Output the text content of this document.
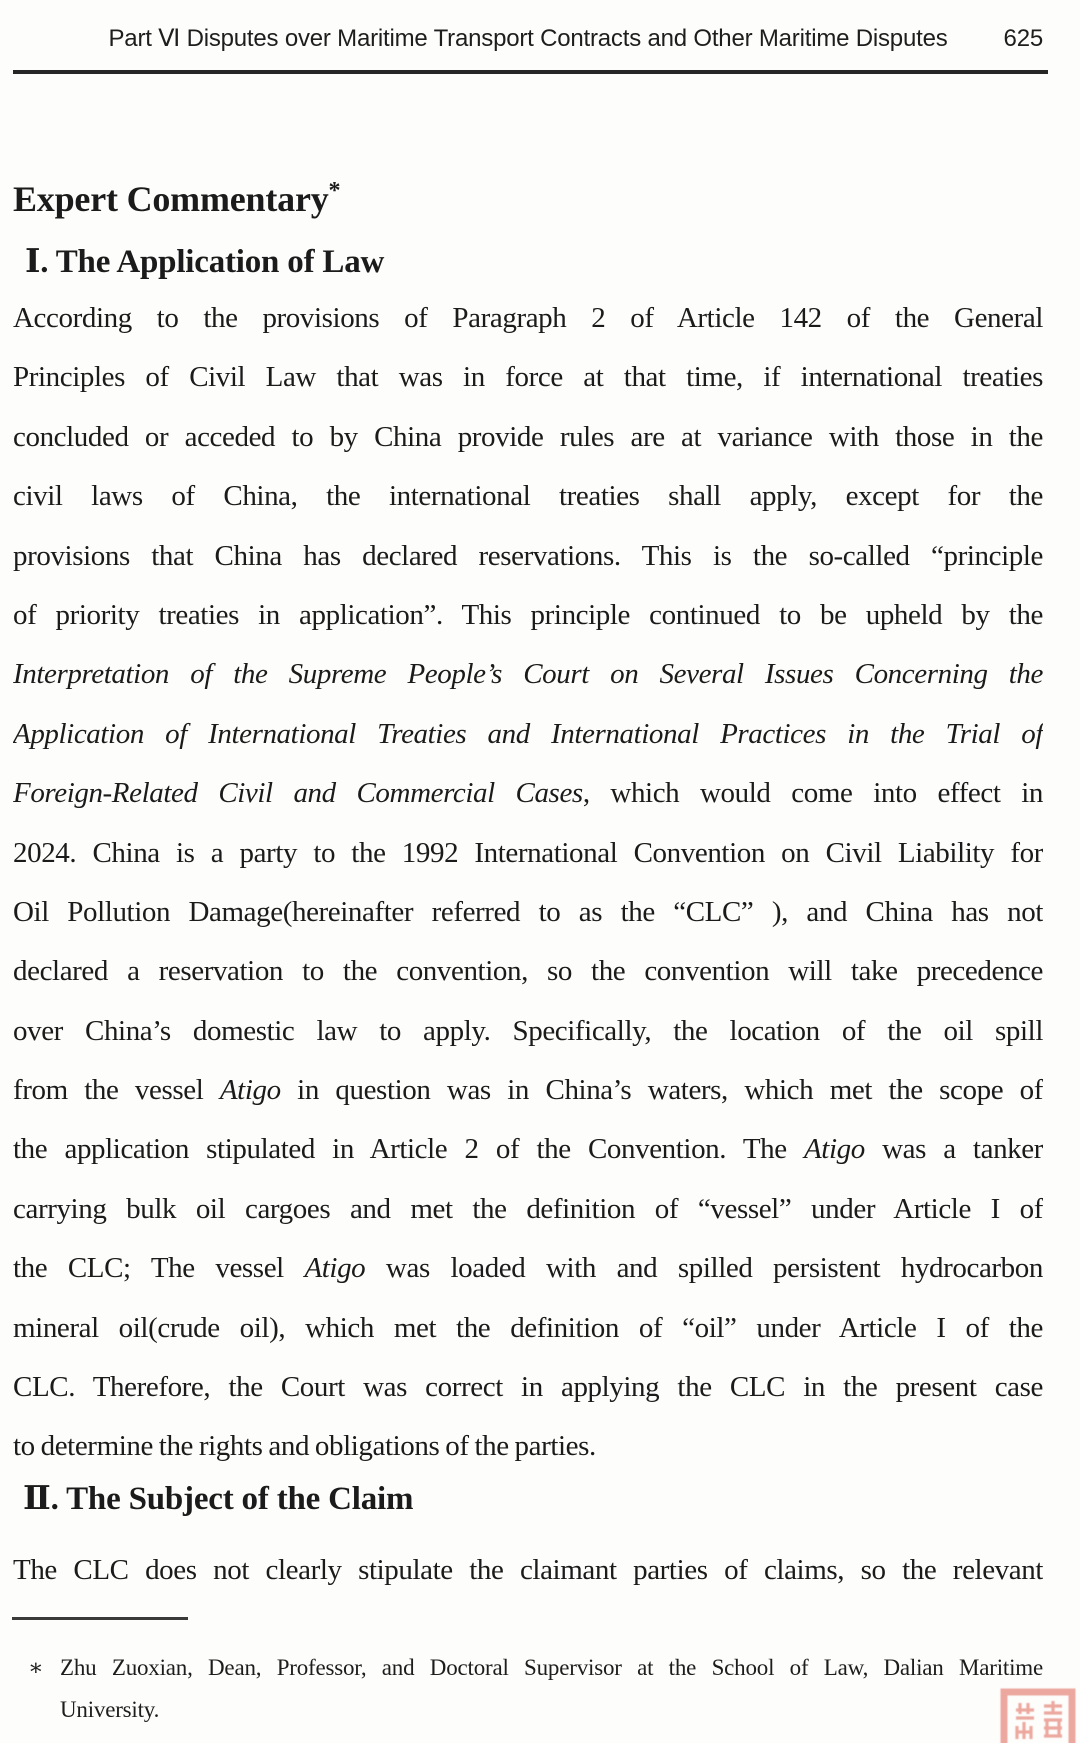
Part Ⅵ Disputes over Maritime Transport Contracts and Other Maritime Disputes 625
Expert Commentary*
Ⅰ. The Application of Law
According to the provisions of Paragraph 2 of Article 142 of the General
Principles of Civil Law that was in force at that time, if international treaties
concluded or acceded to by China provide rules are at variance with those in the
civil laws of China, the international treaties shall apply, except for the
provisions that China has declared reservations. This is the so-called “principle
of priority treaties in application”. This principle continued to be upheld by the
Interpretation of the Supreme People’s Court on Several Issues Concerning the
Application of International Treaties and International Practices in the Trial of
Foreign-Related Civil and Commercial Cases, which would come into effect in
2024. China is a party to the 1992 International Convention on Civil Liability for
Oil Pollution Damage(hereinafter referred to as the “CLC” ), and China has not
declared a reservation to the convention, so the convention will take precedence
over China’s domestic law to apply. Specifically, the location of the oil spill
from the vessel Atigo in question was in China’s waters, which met the scope of
the application stipulated in Article 2 of the Convention. The Atigo was a tanker
carrying bulk oil cargoes and met the definition of “vessel” under Article I of
the CLC; The vessel Atigo was loaded with and spilled persistent hydrocarbon
mineral oil(crude oil), which met the definition of “oil” under Article I of the
CLC. Therefore, the Court was correct in applying the CLC in the present case
to determine the rights and obligations of the parties.
Ⅱ. The Subject of the Claim
The CLC does not clearly stipulate the claimant parties of claims, so the relevant
∗ Zhu Zuoxian, Dean, Professor, and Doctoral Supervisor at the School of Law, Dalian Maritime
University.
